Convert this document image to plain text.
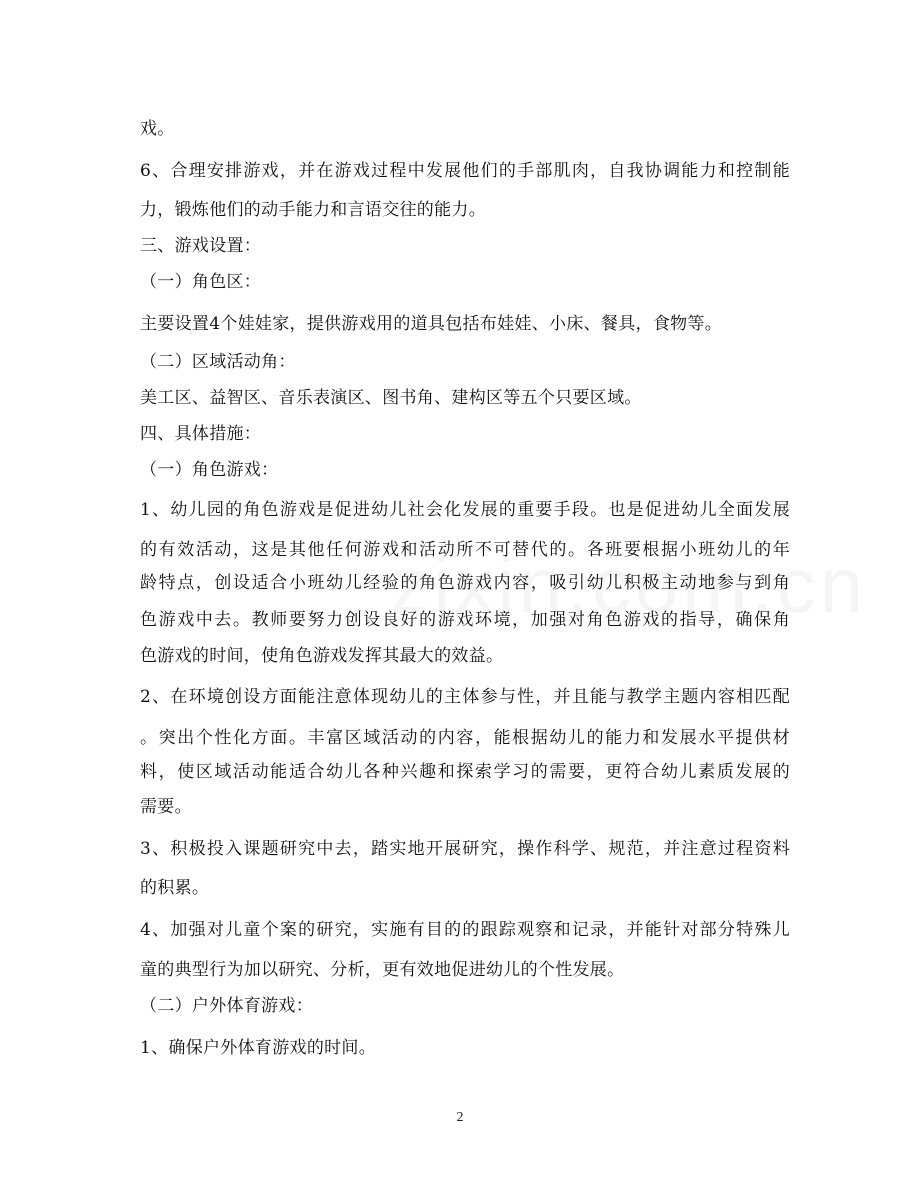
戏。
6、合理安排游戏，并在游戏过程中发展他们的手部肌肉，自我协调能力和控制能
力，锻炼他们的动手能力和言语交往的能力。
三、游戏设置：
（一）角色区：
主要设置4个娃娃家，提供游戏用的道具包括布娃娃、小床、餐具，食物等。
（二）区域活动角：
美工区、益智区、音乐表演区、图书角、建构区等五个只要区域。
四、具体措施：
（一）角色游戏：
1、幼儿园的角色游戏是促进幼儿社会化发展的重要手段。也是促进幼儿全面发展
的有效活动，这是其他任何游戏和活动所不可替代的。各班要根据小班幼儿的年
龄特点，创设适合小班幼儿经验的角色游戏内容，吸引幼儿积极主动地参与到角
色游戏中去。教师要努力创设良好的游戏环境，加强对角色游戏的指导，确保角
色游戏的时间，使角色游戏发挥其最大的效益。
2、在环境创设方面能注意体现幼儿的主体参与性，并且能与教学主题内容相匹配
。突出个性化方面。丰富区域活动的内容，能根据幼儿的能力和发展水平提供材
料，使区域活动能适合幼儿各种兴趣和探索学习的需要，更符合幼儿素质发展的
需要。
3、积极投入课题研究中去，踏实地开展研究，操作科学、规范，并注意过程资料
的积累。
4、加强对儿童个案的研究，实施有目的的跟踪观察和记录，并能针对部分特殊儿
童的典型行为加以研究、分析，更有效地促进幼儿的个性发展。
（二）户外体育游戏：
1、确保户外体育游戏的时间。
2
